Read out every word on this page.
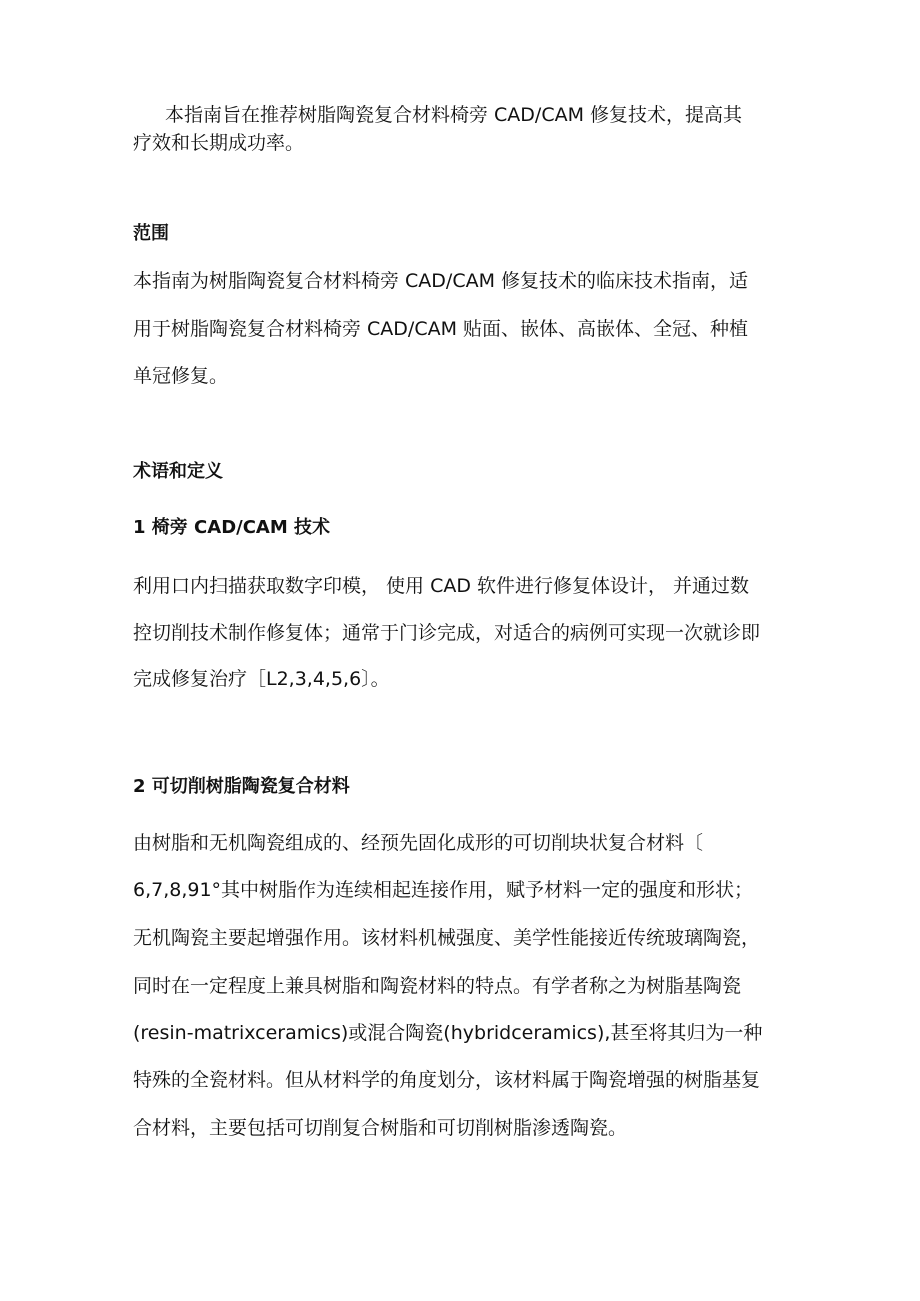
本指南旨在推荐树脂陶瓷复合材料椅旁 CAD/CAM 修复技术，提高其

疗效和长期成功率。

范围

本指南为树脂陶瓷复合材料椅旁 CAD/CAM 修复技术的临床技术指南，适

用于树脂陶瓷复合材料椅旁 CAD/CAM 贴面、嵌体、高嵌体、全冠、种植

单冠修复。

术语和定义
1 椅旁 CAD/CAM 技术

利用口内扫描获取数字印模， 使用 CAD 软件进行修复体设计， 并通过数

控切削技术制作修复体；通常于门诊完成，对适合的病例可实现一次就诊即

完成修复治疗［L2,3,4,5,6〕。

2 可切削树脂陶瓷复合材料

由树脂和无机陶瓷组成的、经预先固化成形的可切削块状复合材料〔

6,7,8,91°其中树脂作为连续相起连接作用，赋予材料一定的强度和形状；

无机陶瓷主要起增强作用。该材料机械强度、美学性能接近传统玻璃陶瓷，

同时在一定程度上兼具树脂和陶瓷材料的特点。有学者称之为树脂基陶瓷

(resin-matrixceramics)或混合陶瓷(hybridceramics),甚至将其归为一种

特殊的全瓷材料。但从材料学的角度划分，该材料属于陶瓷增强的树脂基复

合材料，主要包括可切削复合树脂和可切削树脂渗透陶瓷。
